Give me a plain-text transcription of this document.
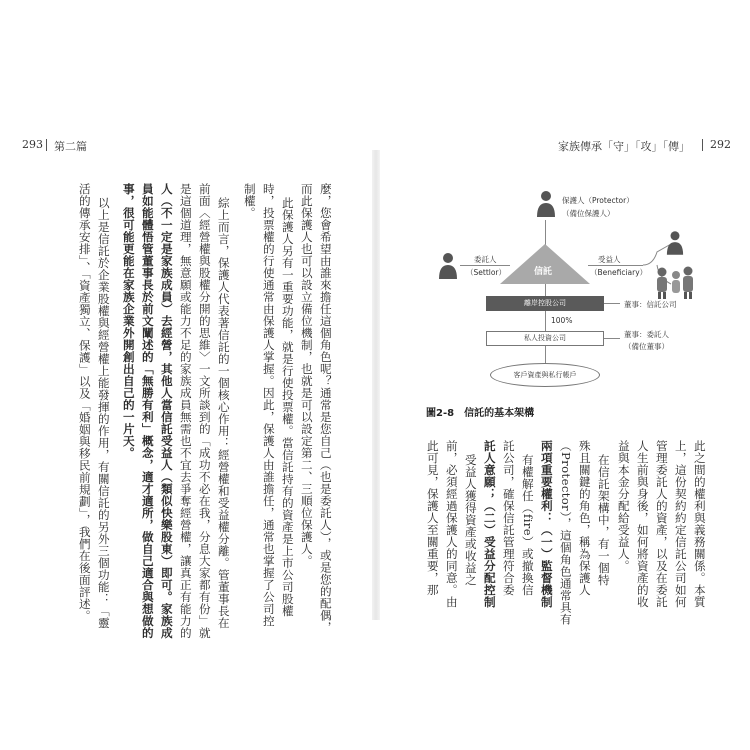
293 第二篇	家族傳承「守」「攻」「傳」 292
麼，您會希望由誰來擔任這個角色呢？通常是您自己（也是委託人），或是您的配偶，
而此保護人也可以設立備位機制，也就是可以設定第二、三順位保護人。
此保護人另有一重要功能，就是行使投票權。當信託持有的資產是上市公司股權
時，投票權的行使通常由保護人掌握。因此，保護人由誰擔任，通常也掌握了公司控
制權。
綜上而言，保護人代表著信託的一個核心作用：經營權和受益權分離。管董事長在
前面〈經營權與股權分開的思維〉一文所談到的「成功不必在我，分息大家都有份」就
是這個道理，無意願或能力不足的家族成員無需也不宜去爭奪經營權，讓真正有能力的
人（不一定是家族成員）去經營，其他人當信託受益人（類似快樂股東）即可。家族成
員如能體悟管董事長於前文闡述的「無勝有利」概念，適才適所，做自己適合與想做的
事，很可能更能在家族企業外開創出自己的一片天。
以上是信託於企業股權與經營權上能發揮的作用，有關信託的另外三個功能：「靈
活的傳承安排」、「資產獨立、保護」以及「婚姻與移民前規劃」，我們在後面評述。	保護人（Protector）
（備位保護人）
委託人
（Settlor）	信託
受益人
（Beneficiary）
離岸控股公司	董事：信託公司
100%
私人投資公司	董事：委託人
（備位董事）
客戶資產與私行帳戶
圖2-8　信託的基本架構
此之間的權利與義務關係。本質
上，這份契約約定信託公司如何
管理委託人的資產，以及在委託
人生前與身後，如何將資產的收
益與本金分配給受益人。
在信託架構中，有一個特
殊且關鍵的角色，稱為保護人
（Protector），這個角色通常具有
兩項重要權利：（一）監督機制
有權解任（fire）或撤換信
託公司，確保信託管理符合委
託人意願；（二）受益分配控制
受益人獲得資產或收益之
前，必須經過保護人的同意。由
此可見，保護人至關重要，那
